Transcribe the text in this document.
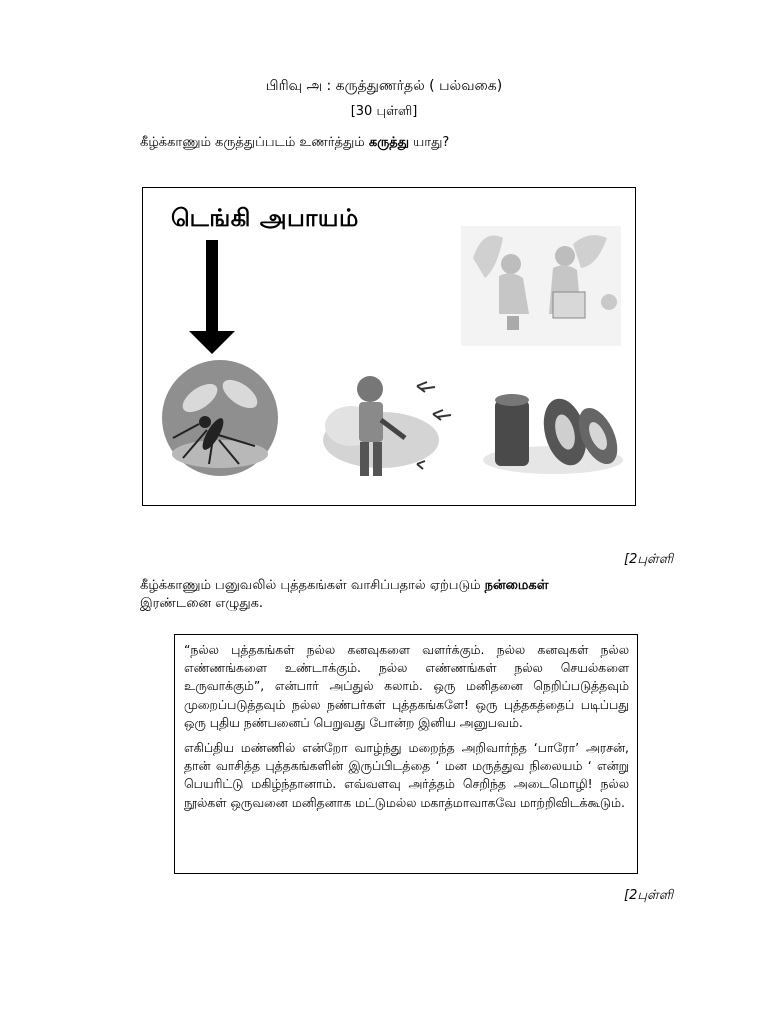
பிரிவு அ : கருத்துணர்தல் ( பல்வகை)
[30 புள்ளி]
கீழ்க்காணும் கருத்துப்படம் உணர்த்தும் கருத்து யாது?
டெங்கி அபாயம்
[2புள்ளி
கீழ்க்காணும் பனுவலில் புத்தகங்கள் வாசிப்பதால் ஏற்படும் நன்மைகள்
இரண்டனை எழுதுக.

“நல்ல புத்தகங்கள் நல்ல கனவுகளை வளர்க்கும். நல்ல கனவுகள் நல்ல எண்ணங்களை உண்டாக்கும். நல்ல எண்ணங்கள் நல்ல செயல்களை உருவாக்கும்”, என்பார் அப்துல் கலாம். ஒரு மனிதனை நெறிப்படுத்தவும் முறைப்படுத்தவும் நல்ல நண்பர்கள் புத்தகங்களே! ஒரு புத்தகத்தைப் படிப்பது ஒரு புதிய நண்பனைப் பெறுவது போன்ற இனிய அனுபவம்.

எகிப்திய மண்ணில் என்றோ வாழ்ந்து மறைந்த அறிவார்ந்த ‘பாரோ’ அரசன், தான் வாசித்த புத்தகங்களின் இருப்பிடத்தை ‘ மன மருத்துவ நிலையம் ‘ என்று பெயரிட்டு மகிழ்ந்தானாம். எவ்வளவு அர்த்தம் செறிந்த அடைமொழி! நல்ல நூல்கள் ஒருவனை மனிதனாக மட்டுமல்ல மகாத்மாவாகவே மாற்றிவிடக்கூடும்.

[2புள்ளி
